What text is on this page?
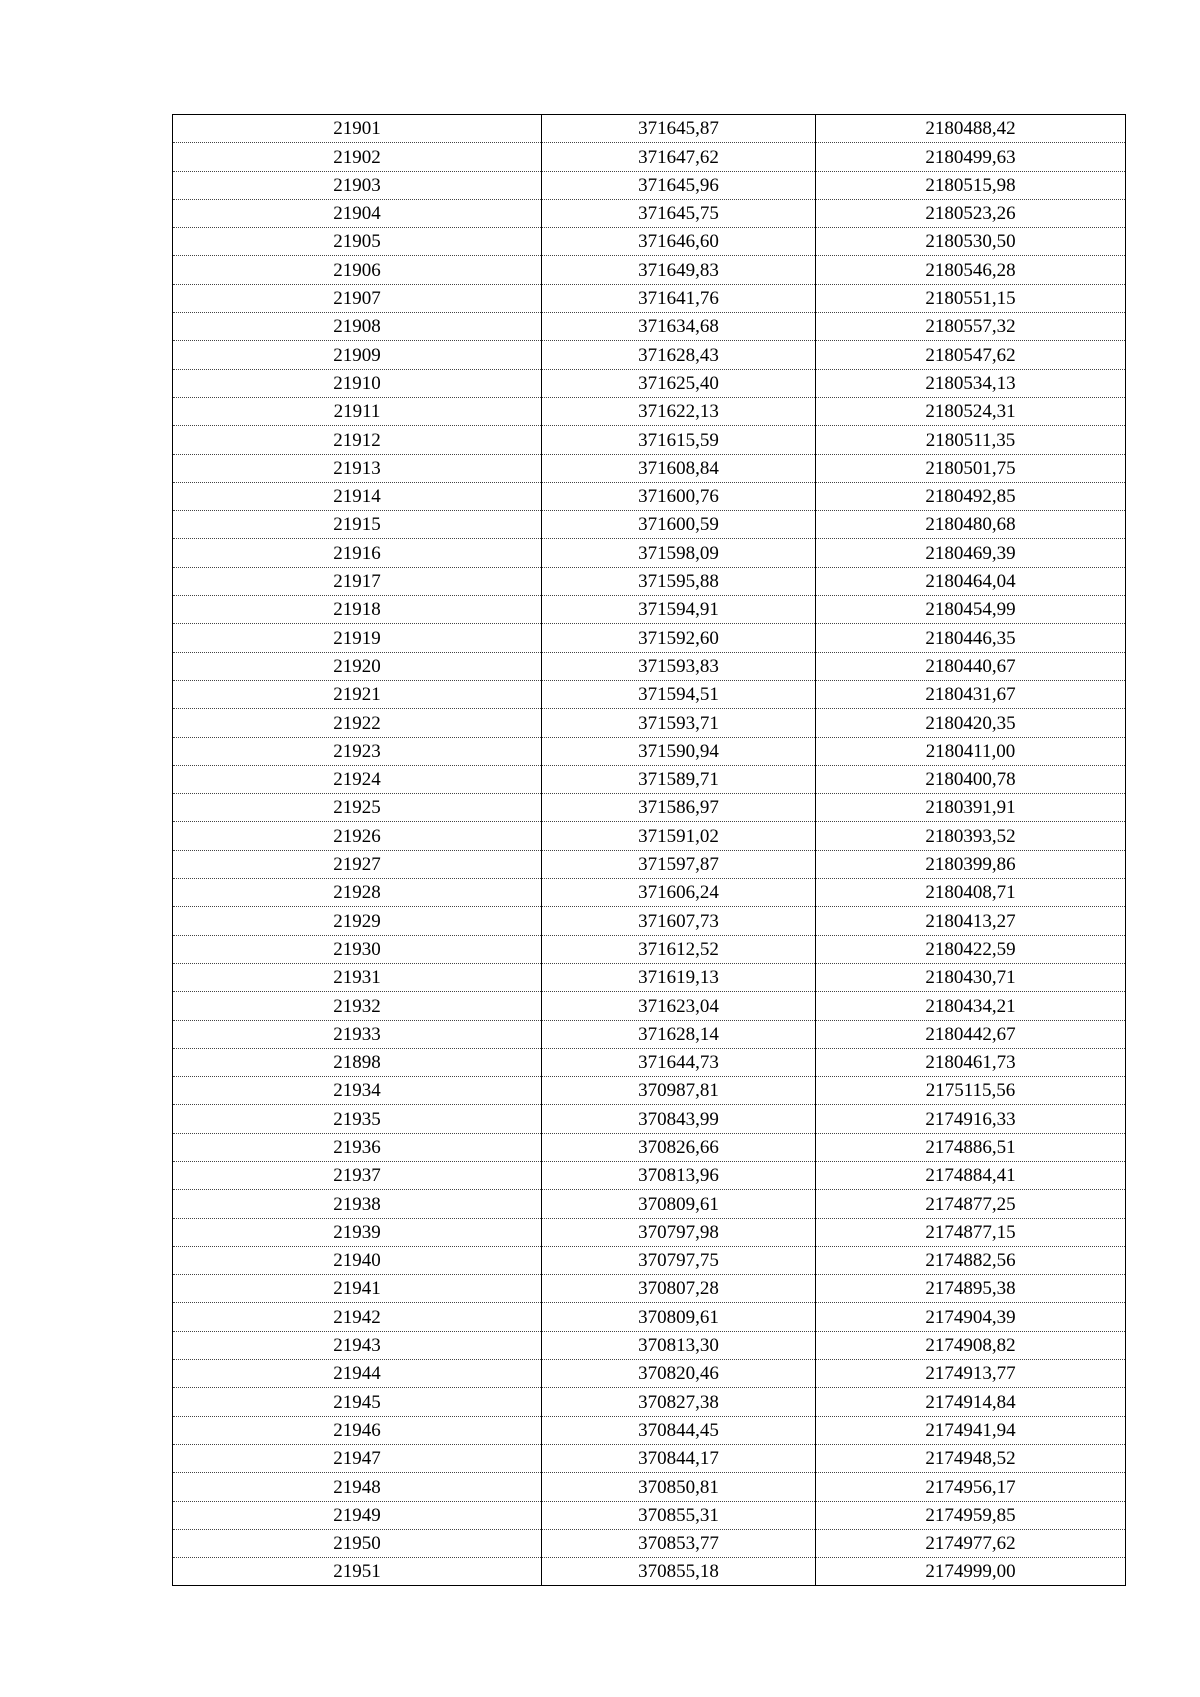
21901	371645,87	2180488,42
21902	371647,62	2180499,63
21903	371645,96	2180515,98
21904	371645,75	2180523,26
21905	371646,60	2180530,50
21906	371649,83	2180546,28
21907	371641,76	2180551,15
21908	371634,68	2180557,32
21909	371628,43	2180547,62
21910	371625,40	2180534,13
21911	371622,13	2180524,31
21912	371615,59	2180511,35
21913	371608,84	2180501,75
21914	371600,76	2180492,85
21915	371600,59	2180480,68
21916	371598,09	2180469,39
21917	371595,88	2180464,04
21918	371594,91	2180454,99
21919	371592,60	2180446,35
21920	371593,83	2180440,67
21921	371594,51	2180431,67
21922	371593,71	2180420,35
21923	371590,94	2180411,00
21924	371589,71	2180400,78
21925	371586,97	2180391,91
21926	371591,02	2180393,52
21927	371597,87	2180399,86
21928	371606,24	2180408,71
21929	371607,73	2180413,27
21930	371612,52	2180422,59
21931	371619,13	2180430,71
21932	371623,04	2180434,21
21933	371628,14	2180442,67
21898	371644,73	2180461,73
21934	370987,81	2175115,56
21935	370843,99	2174916,33
21936	370826,66	2174886,51
21937	370813,96	2174884,41
21938	370809,61	2174877,25
21939	370797,98	2174877,15
21940	370797,75	2174882,56
21941	370807,28	2174895,38
21942	370809,61	2174904,39
21943	370813,30	2174908,82
21944	370820,46	2174913,77
21945	370827,38	2174914,84
21946	370844,45	2174941,94
21947	370844,17	2174948,52
21948	370850,81	2174956,17
21949	370855,31	2174959,85
21950	370853,77	2174977,62
21951	370855,18	2174999,00
